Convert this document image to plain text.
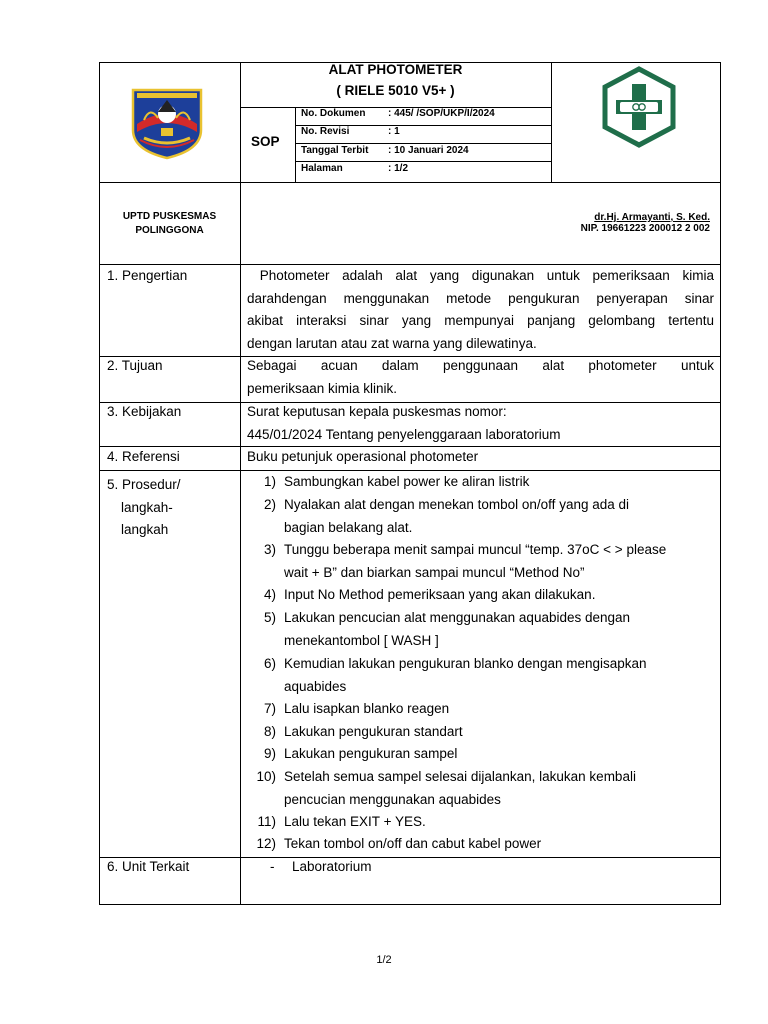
ALAT PHOTOMETER
( RIELE 5010 V5+ )
SOP
No. Dokumen : 445/ /SOP/UKP/I/2024
No. Revisi	: 1
Tanggal Terbit : 10 Januari 2024
Halaman	: 1/2
UPTD PUSKESMAS
POLINGGONA
dr.Hj. Armayanti, S. Ked.
NIP. 19661223 200012 2 002
1. Pengertian	Photometer adalah alat yang digunakan untuk pemeriksaan kimia
darahdengan menggunakan metode pengukuran penyerapan sinar
akibat interaksi sinar yang mempunyai panjang gelombang tertentu
dengan larutan atau zat warna yang dilewatinya.
2. Tujuan	Sebagai acuan dalam penggunaan alat photometer untuk
pemeriksaan kimia klinik.
3. Kebijakan	Surat keputusan kepala puskesmas nomor:
445/01/2024 Tentang penyelenggaraan laboratorium
4. Referensi	Buku petunjuk operasional photometer
5. Prosedur/
langkah-
langkah
1) Sambungkan kabel power ke aliran listrik
2) Nyalakan alat dengan menekan tombol on/off yang ada di
bagian belakang alat.
3) Tunggu beberapa menit sampai muncul “temp. 37oC < > please
wait + B” dan biarkan sampai muncul “Method No”
4) Input No Method pemeriksaan yang akan dilakukan.
5) Lakukan pencucian alat menggunakan aquabides dengan
menekantombol [ WASH ]
6) Kemudian lakukan pengukuran blanko dengan mengisapkan
aquabides
7) Lalu isapkan blanko reagen
8) Lakukan pengukuran standart
9) Lakukan pengukuran sampel
10) Setelah semua sampel selesai dijalankan, lakukan kembali
pencucian menggunakan aquabides
11) Lalu tekan EXIT + YES.
12) Tekan tombol on/off dan cabut kabel power
6. Unit Terkait	- Laboratorium
1/2
